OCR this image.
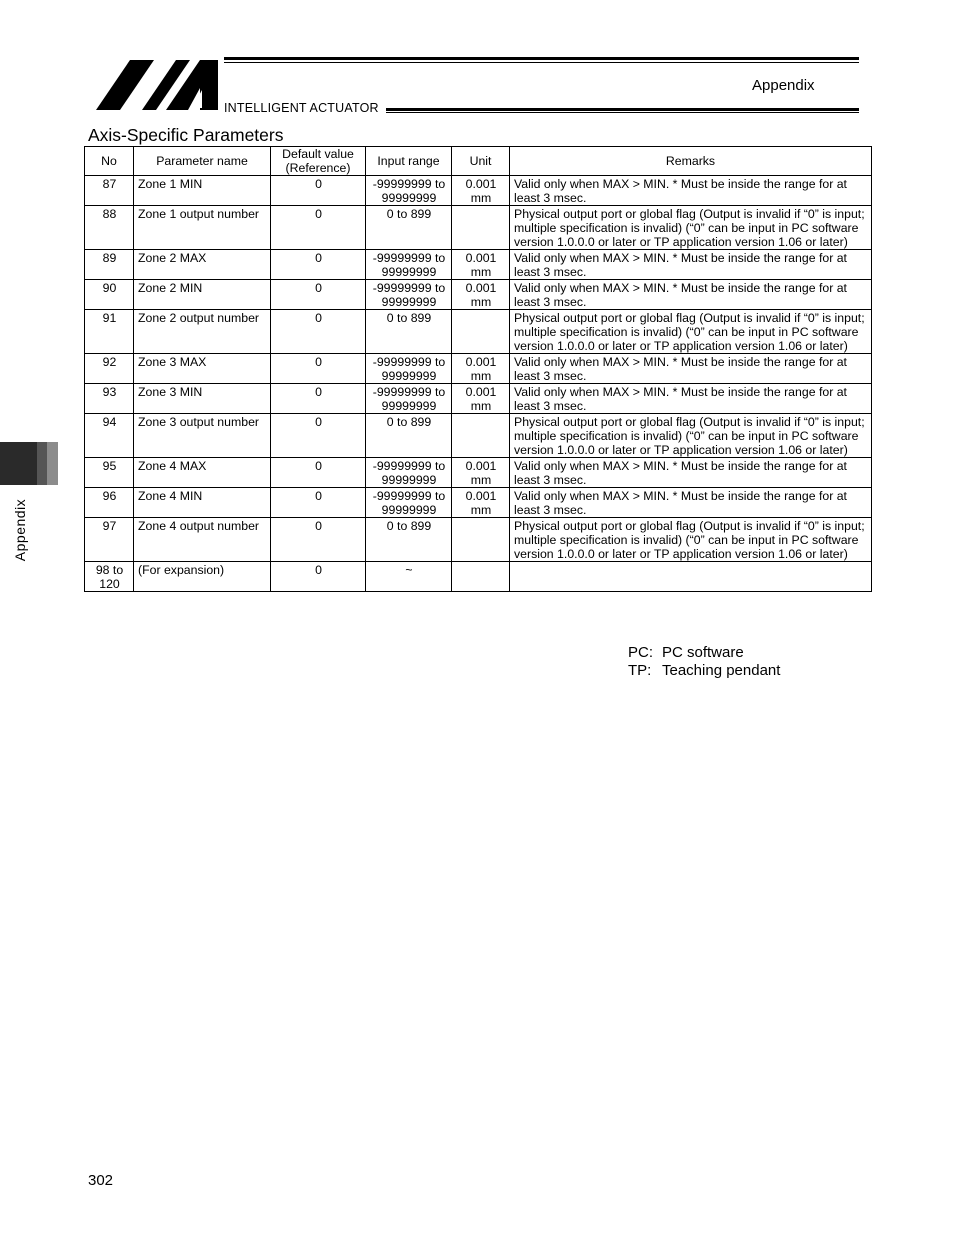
INTELLIGENT ACTUATOR
Appendix
Axis-Specific Parameters
No	Parameter name	Default value (Reference)	Input range	Unit	Remarks
87	Zone 1 MIN	0	-99999999 to 99999999	0.001 mm	Valid only when MAX > MIN. * Must be inside the range for at least 3 msec.
88	Zone 1 output number	0	0 to 899		Physical output port or global flag (Output is invalid if “0” is input; multiple specification is invalid) (“0” can be input in PC software version 1.0.0.0 or later or TP application version 1.06 or later)
89	Zone 2 MAX	0	-99999999 to 99999999	0.001 mm	Valid only when MAX > MIN. * Must be inside the range for at least 3 msec.
90	Zone 2 MIN	0	-99999999 to 99999999	0.001 mm	Valid only when MAX > MIN. * Must be inside the range for at least 3 msec.
91	Zone 2 output number	0	0 to 899		Physical output port or global flag (Output is invalid if “0” is input; multiple specification is invalid) (“0” can be input in PC software version 1.0.0.0 or later or TP application version 1.06 or later)
92	Zone 3 MAX	0	-99999999 to 99999999	0.001 mm	Valid only when MAX > MIN. * Must be inside the range for at least 3 msec.
93	Zone 3 MIN	0	-99999999 to 99999999	0.001 mm	Valid only when MAX > MIN. * Must be inside the range for at least 3 msec.
94	Zone 3 output number	0	0 to 899		Physical output port or global flag (Output is invalid if “0” is input; multiple specification is invalid) (“0” can be input in PC software version 1.0.0.0 or later or TP application version 1.06 or later)
95	Zone 4 MAX	0	-99999999 to 99999999	0.001 mm	Valid only when MAX > MIN. * Must be inside the range for at least 3 msec.
96	Zone 4 MIN	0	-99999999 to 99999999	0.001 mm	Valid only when MAX > MIN. * Must be inside the range for at least 3 msec.
97	Zone 4 output number	0	0 to 899		Physical output port or global flag (Output is invalid if “0” is input; multiple specification is invalid) (“0” can be input in PC software version 1.0.0.0 or later or TP application version 1.06 or later)
98 to 120	(For expansion)	0	~		
PC: PC software
TP: Teaching pendant
Appendix
302
